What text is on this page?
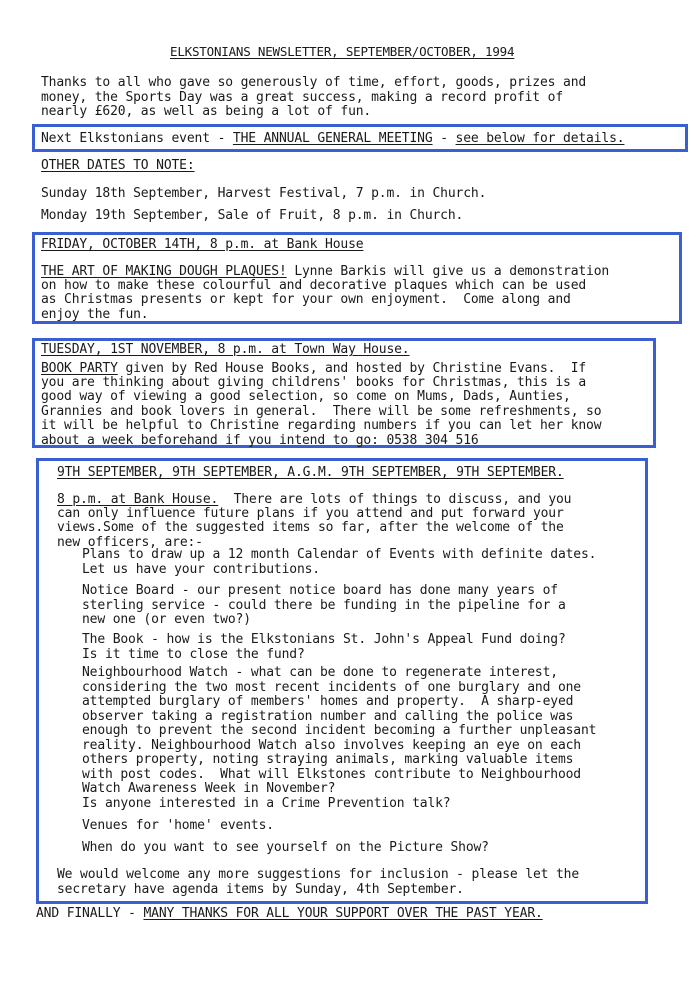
ELKSTONIANS NEWSLETTER, SEPTEMBER/OCTOBER, 1994
Thanks to all who gave so generously of time, effort, goods, prizes and
money, the Sports Day was a great success, making a record profit of
nearly £620, as well as being a lot of fun.
Next Elkstonians event - THE ANNUAL GENERAL MEETING - see below for details.
OTHER DATES TO NOTE:
Sunday 18th September, Harvest Festival, 7 p.m. in Church.
Monday 19th September, Sale of Fruit, 8 p.m. in Church.
FRIDAY, OCTOBER 14TH, 8 p.m. at Bank House
THE ART OF MAKING DOUGH PLAQUES! Lynne Barkis will give us a demonstration
on how to make these colourful and decorative plaques which can be used
as Christmas presents or kept for your own enjoyment.  Come along and
enjoy the fun.
TUESDAY, 1ST NOVEMBER, 8 p.m. at Town Way House.
BOOK PARTY given by Red House Books, and hosted by Christine Evans.  If
you are thinking about giving childrens' books for Christmas, this is a
good way of viewing a good selection, so come on Mums, Dads, Aunties,
Grannies and book lovers in general.  There will be some refreshments, so
it will be helpful to Christine regarding numbers if you can let her know
about a week beforehand if you intend to go: 0538 304 516
9TH SEPTEMBER, 9TH SEPTEMBER, A.G.M. 9TH SEPTEMBER, 9TH SEPTEMBER.
8 p.m. at Bank House.  There are lots of things to discuss, and you
can only influence future plans if you attend and put forward your
views.Some of the suggested items so far, after the welcome of the
new officers, are:-
Plans to draw up a 12 month Calendar of Events with definite dates.
Let us have your contributions.
Notice Board - our present notice board has done many years of
sterling service - could there be funding in the pipeline for a
new one (or even two?)
The Book - how is the Elkstonians St. John's Appeal Fund doing?
Is it time to close the fund?
Neighbourhood Watch - what can be done to regenerate interest,
considering the two most recent incidents of one burglary and one
attempted burglary of members' homes and property.  A sharp-eyed
observer taking a registration number and calling the police was
enough to prevent the second incident becoming a further unpleasant
reality. Neighbourhood Watch also involves keeping an eye on each
others property, noting straying animals, marking valuable items
with post codes.  What will Elkstones contribute to Neighbourhood
Watch Awareness Week in November?
Is anyone interested in a Crime Prevention talk?
Venues for 'home' events.
When do you want to see yourself on the Picture Show?
We would welcome any more suggestions for inclusion - please let the
secretary have agenda items by Sunday, 4th September.
AND FINALLY - MANY THANKS FOR ALL YOUR SUPPORT OVER THE PAST YEAR.
